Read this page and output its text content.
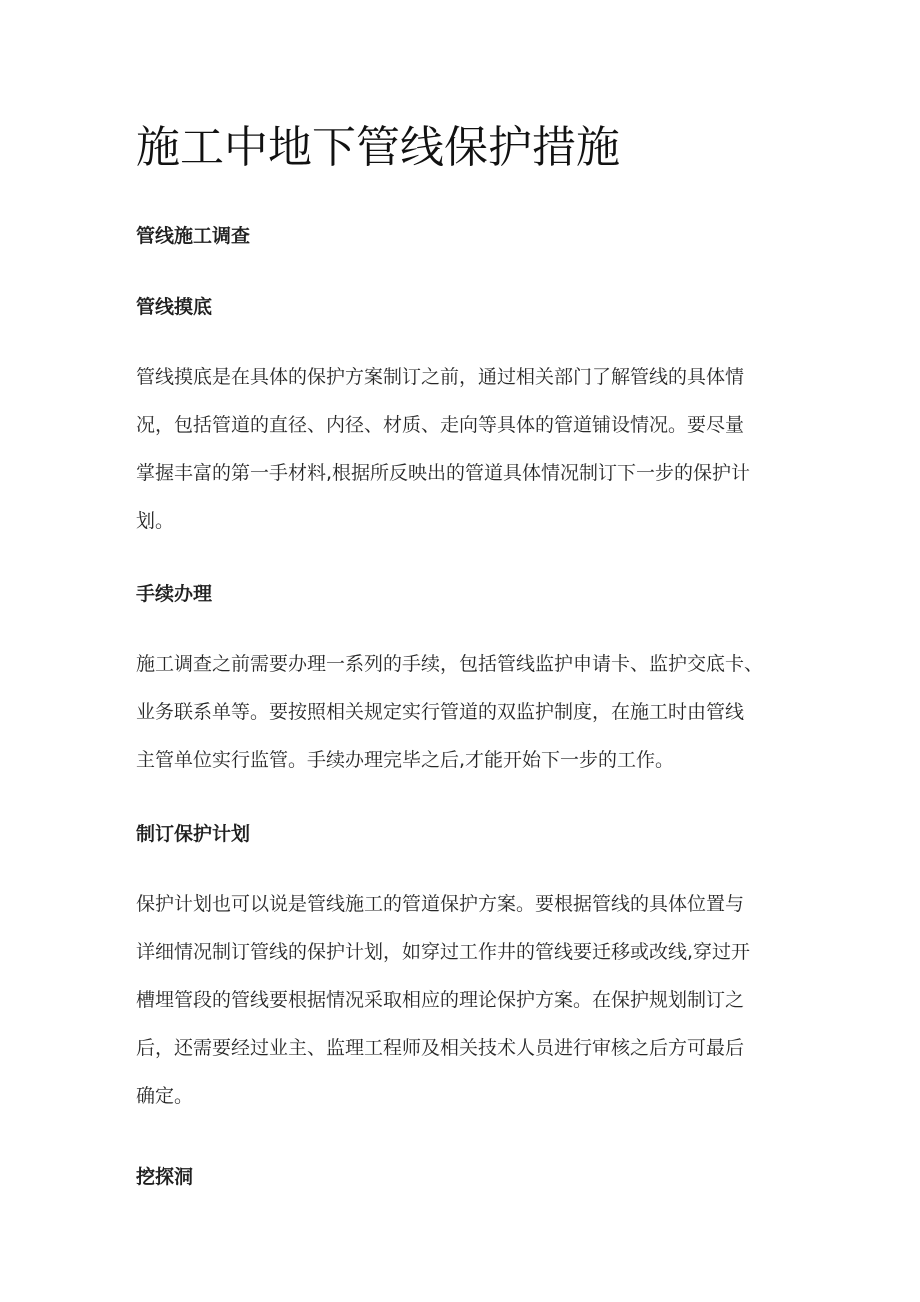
施工中地下管线保护措施
管线施工调查
管线摸底

管线摸底是在具体的保护方案制订之前，通过相关部门了解管线的具体情
况，包括管道的直径、内径、材质、走向等具体的管道铺设情况。要尽量
掌握丰富的第一手材料,根据所反映出的管道具体情况制订下一步的保护计
划。

手续办理

施工调查之前需要办理一系列的手续，包括管线监护申请卡、监护交底卡、
业务联系单等。要按照相关规定实行管道的双监护制度，在施工时由管线
主管单位实行监管。手续办理完毕之后,才能开始下一步的工作。

制订保护计划

保护计划也可以说是管线施工的管道保护方案。要根据管线的具体位置与
详细情况制订管线的保护计划，如穿过工作井的管线要迁移或改线,穿过开
槽埋管段的管线要根据情况采取相应的理论保护方案。在保护规划制订之
后，还需要经过业主、监理工程师及相关技术人员进行审核之后方可最后
确定。

挖探洞
